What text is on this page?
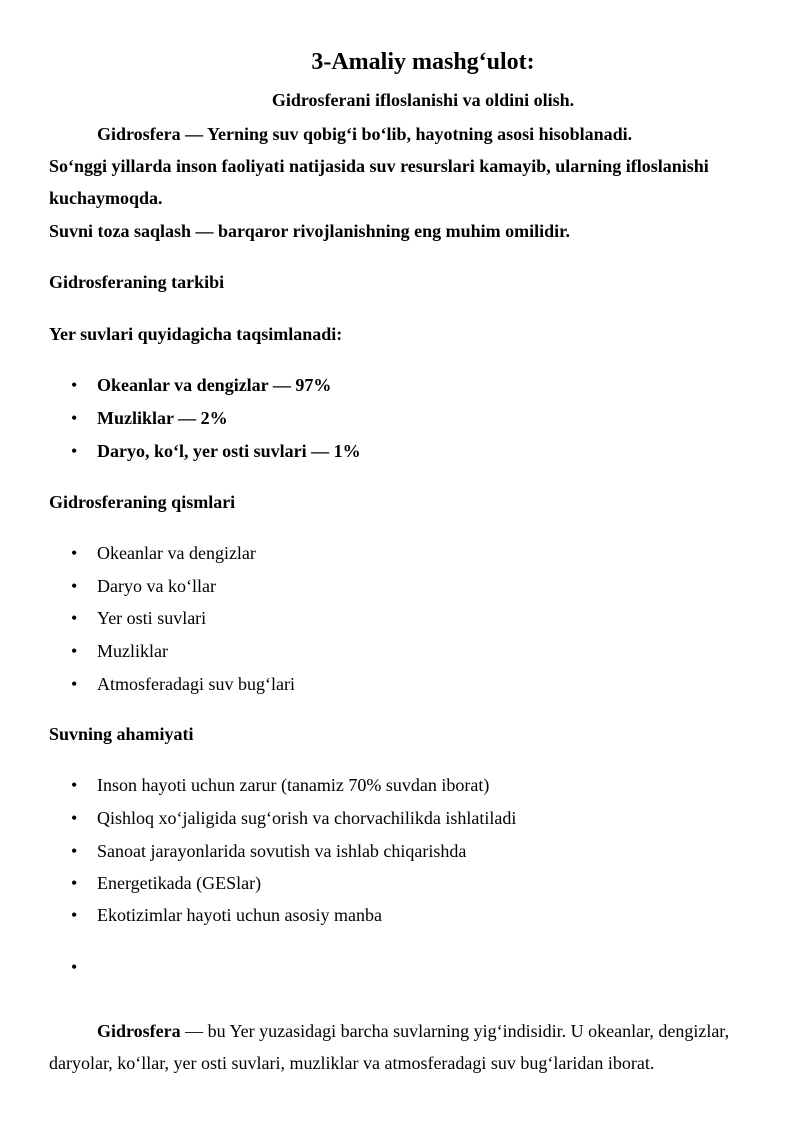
3-Amaliy mashg‘ulot:
Gidrosferani ifloslanishi va oldini olish.
Gidrosfera — Yerning suv qobig‘i bo‘lib, hayotning asosi hisoblanadi.
So‘nggi yillarda inson faoliyati natijasida suv resurslari kamayib, ularning ifloslanishi
kuchaymoqda.
Suvni toza saqlash — barqaror rivojlanishning eng muhim omilidir.
Gidrosferaning tarkibi
Yer suvlari quyidagicha taqsimlanadi:
• Okeanlar va dengizlar — 97%
• Muzliklar — 2%
• Daryo, ko‘l, yer osti suvlari — 1%
Gidrosferaning qismlari
• Okeanlar va dengizlar
• Daryo va ko‘llar
• Yer osti suvlari
• Muzliklar
• Atmosferadagi suv bug‘lari
Suvning ahamiyati
• Inson hayoti uchun zarur (tanamiz 70% suvdan iborat)
• Qishloq xo‘jaligida sug‘orish va chorvachilikda ishlatiladi
• Sanoat jarayonlarida sovutish va ishlab chiqarishda
• Energetikada (GESlar)
• Ekotizimlar hayoti uchun asosiy manba
•
Gidrosfera — bu Yer yuzasidagi barcha suvlarning yig‘indisidir. U okeanlar, dengizlar,
daryolar, ko‘llar, yer osti suvlari, muzliklar va atmosferadagi suv bug‘laridan iborat.
